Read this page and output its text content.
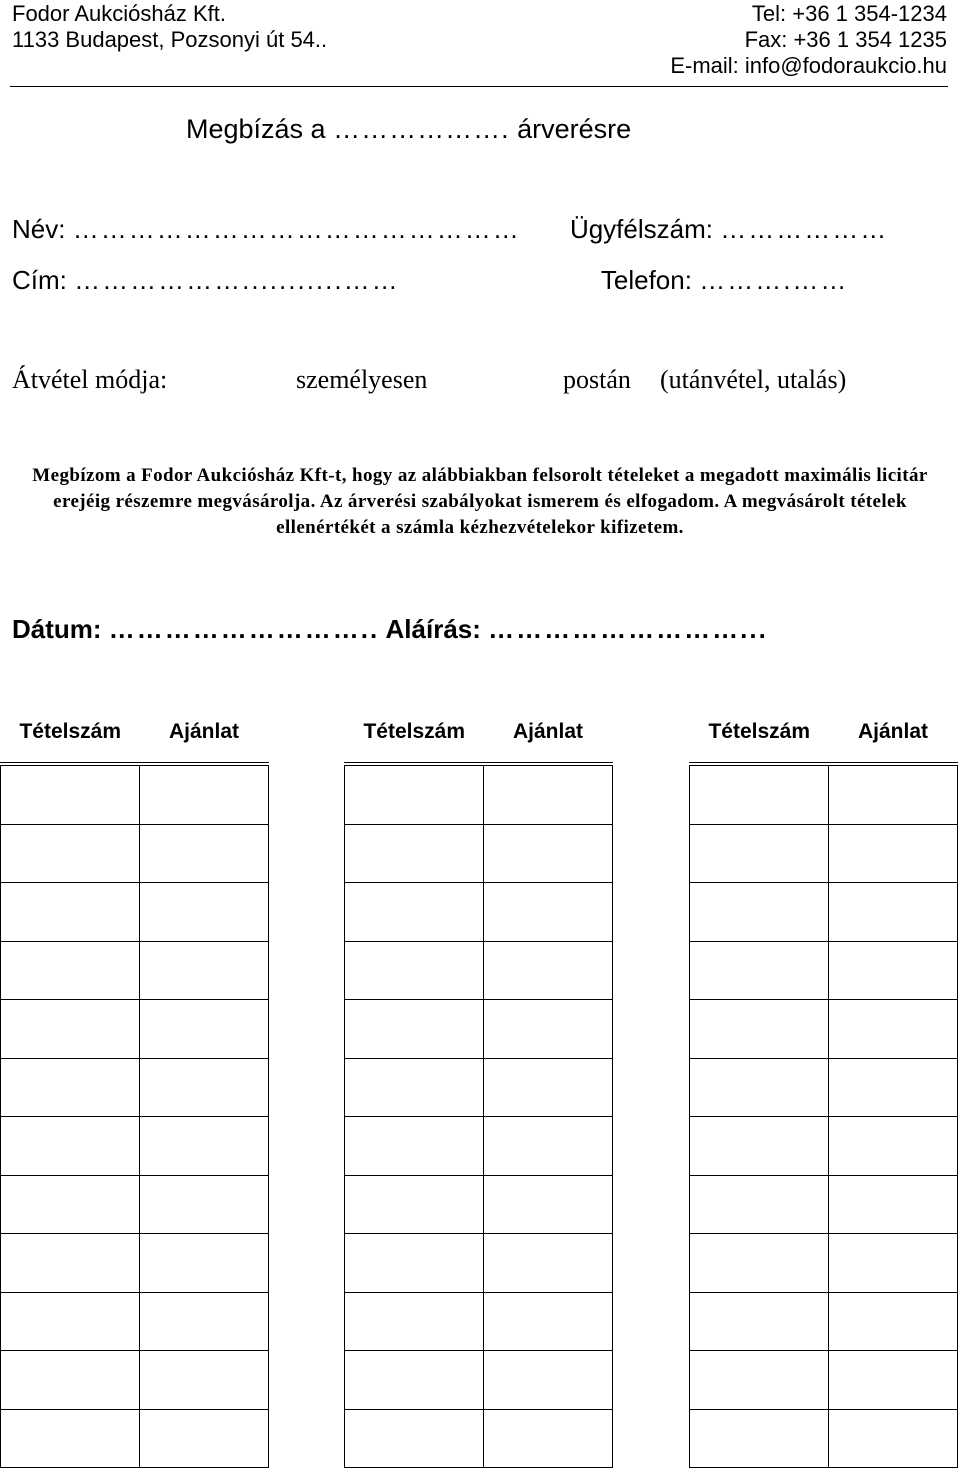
Fodor Aukciósház Kft.
1133 Budapest, Pozsonyi út 54..
Tel: +36 1 354-1234
Fax: +36 1 354 1235
E-mail: info@fodoraukcio.hu
Megbízás a ………………. árverésre
Név: ………………………………………… Ügyfélszám: ………………
Cím: ………………...........……	Telefon: ……….……
Átvétel módja:	személyesen	postán (utánvétel, utalás)
Megbízom a Fodor Aukciósház Kft-t, hogy az alábbiakban felsorolt tételeket a megadott maximális licitár erejéig részemre megvásárolja. Az árverési szabályokat ismerem és elfogadom. A megvásárolt tételek ellenértékét a számla kézhezvételekor kifizetem.
Dátum: ……………………….. Aláírás: ………………………...
Tételszám	Ajánlat

		Tételszám	Ajánlat

		Tételszám	Ajánlat
